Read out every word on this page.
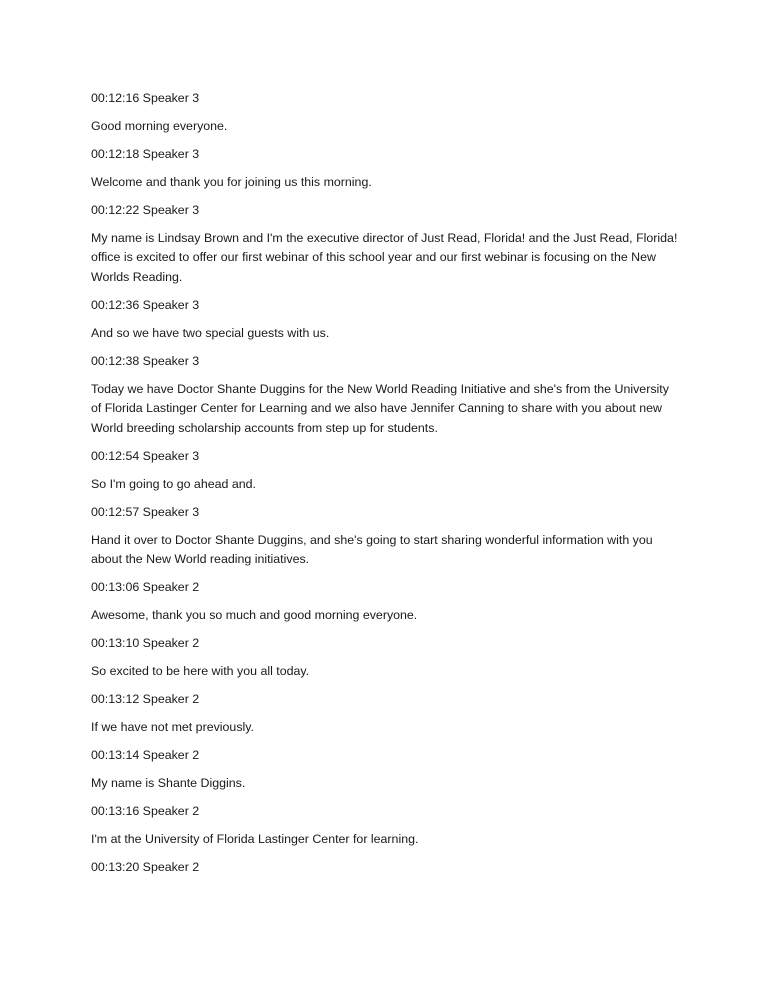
00:12:16 Speaker 3

Good morning everyone.

00:12:18 Speaker 3

Welcome and thank you for joining us this morning.

00:12:22 Speaker 3

My name is Lindsay Brown and I'm the executive director of Just Read, Florida! and the Just Read, Florida! office is excited to offer our first webinar of this school year and our first webinar is focusing on the New Worlds Reading.

00:12:36 Speaker 3

And so we have two special guests with us.

00:12:38 Speaker 3

Today we have Doctor Shante Duggins for the New World Reading Initiative and she's from the University of Florida Lastinger Center for Learning and we also have Jennifer Canning to share with you about new World breeding scholarship accounts from step up for students.

00:12:54 Speaker 3

So I'm going to go ahead and.

00:12:57 Speaker 3

Hand it over to Doctor Shante Duggins, and she's going to start sharing wonderful information with you about the New World reading initiatives.

00:13:06 Speaker 2

Awesome, thank you so much and good morning everyone.

00:13:10 Speaker 2

So excited to be here with you all today.

00:13:12 Speaker 2

If we have not met previously.

00:13:14 Speaker 2

My name is Shante Diggins.

00:13:16 Speaker 2

I'm at the University of Florida Lastinger Center for learning.

00:13:20 Speaker 2
